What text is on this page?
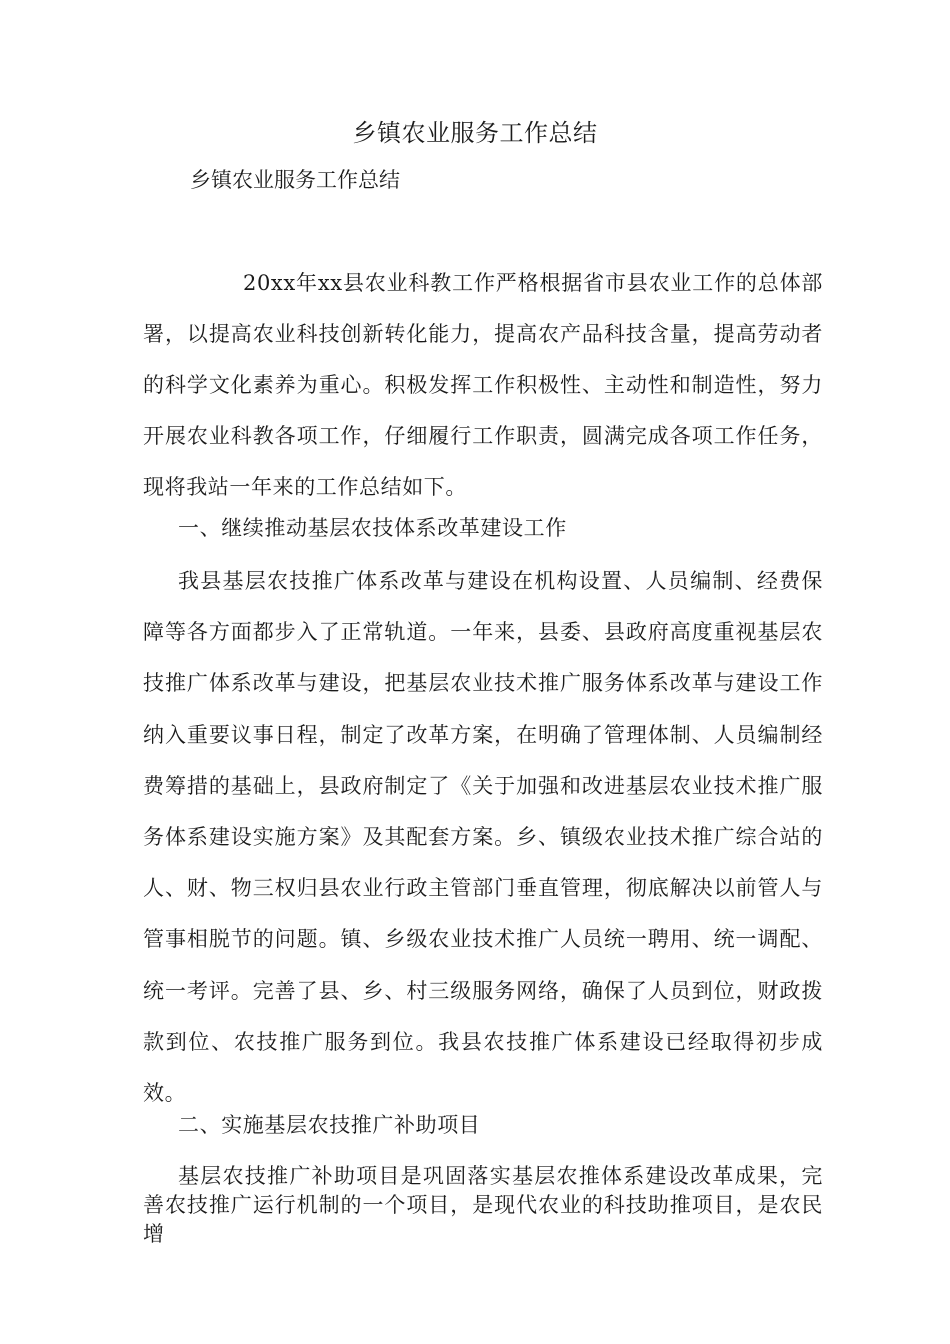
乡镇农业服务工作总结
乡镇农业服务工作总结
20xx年xx县农业科教工作严格根据省市县农业工作的总体部署，以提高农业科技创新转化能力，提高农产品科技含量，提高劳动者的科学文化素养为重心。积极发挥工作积极性、主动性和制造性，努力开展农业科教各项工作，仔细履行工作职责，圆满完成各项工作任务，现将我站一年来的工作总结如下。
一、继续推动基层农技体系改革建设工作
我县基层农技推广体系改革与建设在机构设置、人员编制、经费保障等各方面都步入了正常轨道。一年来，县委、县政府高度重视基层农技推广体系改革与建设，把基层农业技术推广服务体系改革与建设工作纳入重要议事日程，制定了改革方案，在明确了管理体制、人员编制经费筹措的基础上，县政府制定了《关于加强和改进基层农业技术推广服务体系建设实施方案》及其配套方案。乡、镇级农业技术推广综合站的人、财、物三权归县农业行政主管部门垂直管理，彻底解决以前管人与管事相脱节的问题。镇、乡级农业技术推广人员统一聘用、统一调配、统一考评。完善了县、乡、村三级服务网络，确保了人员到位，财政拨款到位、农技推广服务到位。我县农技推广体系建设已经取得初步成效。
二、实施基层农技推广补助项目
基层农技推广补助项目是巩固落实基层农推体系建设改革成果，完善农技推广运行机制的一个项目，是现代农业的科技助推项目，是农民增
